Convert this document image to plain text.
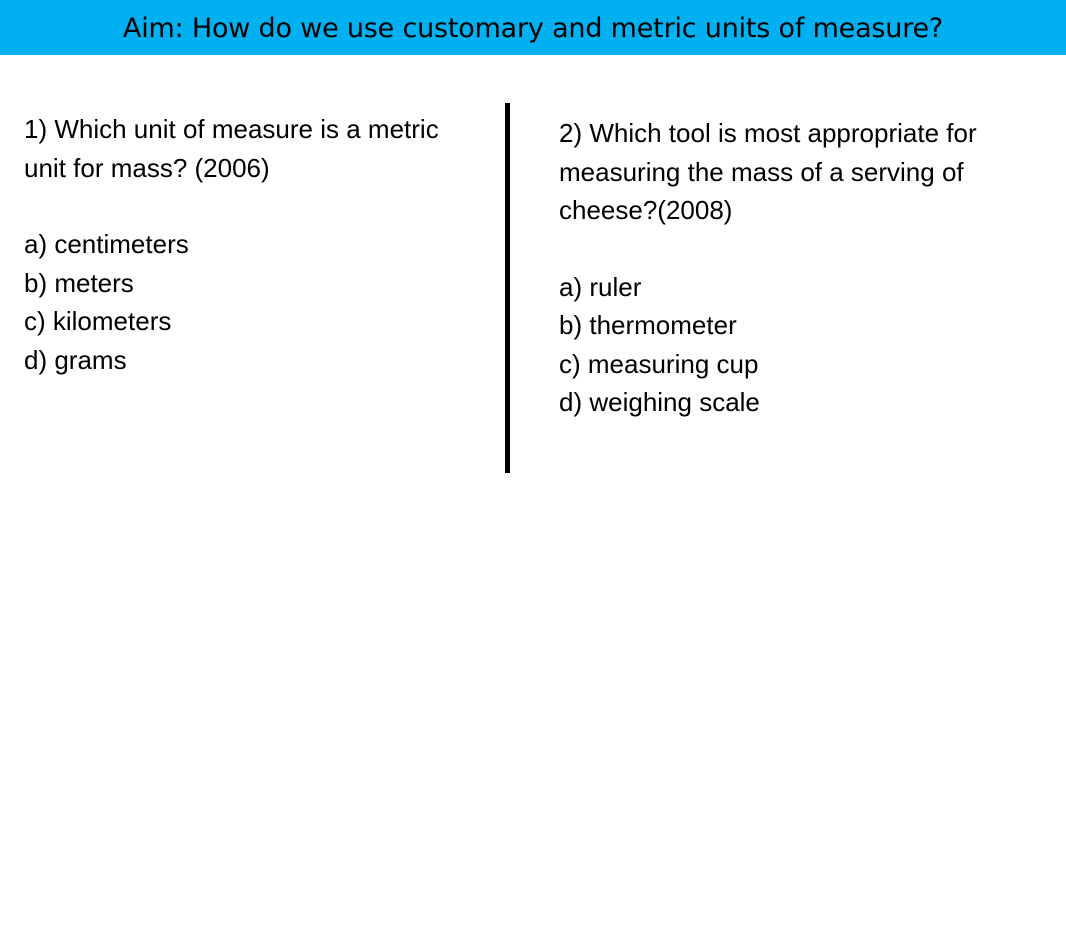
Aim: How do we use customary and metric units of measure?

1) Which unit of measure is a metric unit for mass? (2006)

a) centimeters
b) meters
c) kilometers
d) grams

2) Which tool is most appropriate for measuring the mass of a serving of cheese?(2008)

a) ruler
b) thermometer
c) measuring cup
d) weighing scale
